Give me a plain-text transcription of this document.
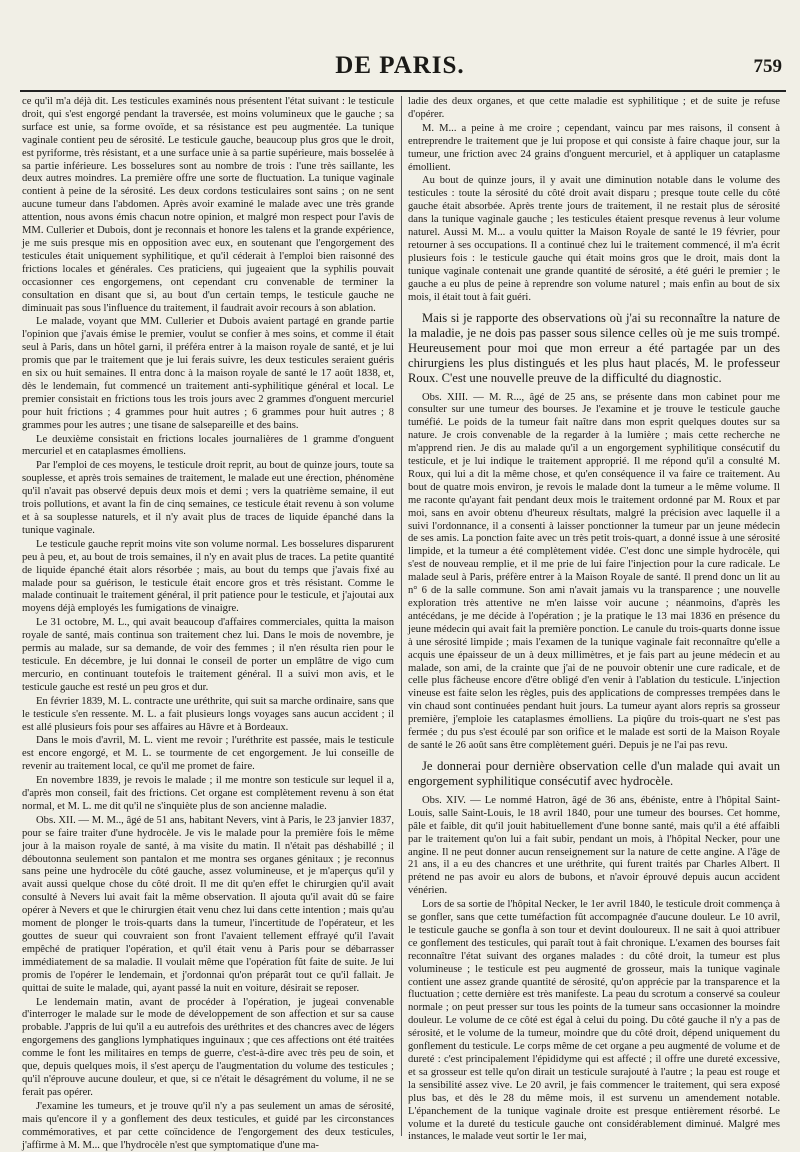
DE PARIS.	759

ce qu'il m'a déjà dit. Les testicules examinés nous présentent l'état suivant : le testicule droit, qui s'est engorgé pendant la traversée, est moins volumineux que le gauche ; sa surface est unie, sa forme ovoïde, et sa résistance est peu augmentée. La tunique vaginale contient peu de sérosité. Le testicule gauche, beaucoup plus gros que le droit, est pyriforme, très résistant, et a une surface unie à sa partie supérieure, mais bosselée à sa partie inférieure. Les bosselures sont au nombre de trois : l'une très saillante, les deux autres moindres. La première offre une sorte de fluctuation. La tunique vaginale contient à peine de la sérosité. Les deux cordons testiculaires sont sains ; on ne sent aucune tumeur dans l'abdomen. Après avoir examiné le malade avec une très grande attention, nous avons émis chacun notre opinion, et malgré mon respect pour l'avis de MM. Cullerier et Dubois, dont je reconnais et honore les talens et la grande expérience, je me suis presque mis en opposition avec eux, en soutenant que l'engorgement des testicules était uniquement syphilitique, et qu'il céderait à l'emploi bien raisonné des frictions locales et générales. Ces praticiens, qui jugeaient que la syphilis pouvait occasionner ces engorgemens, ont cependant cru convenable de terminer la consultation en disant que si, au bout d'un certain temps, le testicule gauche ne diminuait pas sous l'influence du traitement, il faudrait avoir recours à son ablation.

Le malade, voyant que MM. Cullerier et Dubois avaient partagé en grande partie l'opinion que j'avais émise le premier, voulut se confier à mes soins, et comme il était seul à Paris, dans un hôtel garni, il préféra entrer à la maison royale de santé, et je lui promis que par le traitement que je lui ferais suivre, les deux testicules seraient guéris en six ou huit semaines. Il entra donc à la maison royale de santé le 17 août 1838, et, dès le lendemain, fut commencé un traitement anti-syphilitique général et local. Le premier consistait en frictions tous les trois jours avec 2 grammes d'onguent mercuriel pour huit frictions ; 4 grammes pour huit autres ; 6 grammes pour huit autres ; 8 grammes pour les autres ; une tisane de salsepareille et des bains.

Le deuxième consistait en frictions locales journalières de 1 gramme d'onguent mercuriel et en cataplasmes émolliens.

Par l'emploi de ces moyens, le testicule droit reprit, au bout de quinze jours, toute sa souplesse, et après trois semaines de traitement, le malade eut une érection, phénomène qu'il n'avait pas observé depuis deux mois et demi ; vers la quatrième semaine, il eut trois pollutions, et avant la fin de cinq semaines, ce testicule était revenu à son volume et à sa souplesse naturels, et il n'y avait plus de traces de liquide épanché dans la tunique vaginale.

Le testicule gauche reprit moins vite son volume normal. Les bosselures disparurent peu à peu, et, au bout de trois semaines, il n'y en avait plus de traces. La petite quantité de liquide épanché était alors résorbée ; mais, au bout du temps que j'avais fixé au malade pour sa guérison, le testicule était encore gros et très résistant. Comme le malade continuait le traitement général, il prit patience pour le testicule, et j'ajoutai aux moyens déjà employés les fumigations de vinaigre.

Le 31 octobre, M. L., qui avait beaucoup d'affaires commerciales, quitta la maison royale de santé, mais continua son traitement chez lui. Dans le mois de novembre, je permis au malade, sur sa demande, de voir des femmes ; il n'en résulta rien pour le testicule. En décembre, je lui donnai le conseil de porter un emplâtre de vigo cum mercurio, en continuant toutefois le traitement général. Il a suivi mon avis, et le testicule gauche est resté un peu gros et dur.

En février 1839, M. L. contracte une uréthrite, qui suit sa marche ordinaire, sans que le testicule s'en ressente. M. L. a fait plusieurs longs voyages sans aucun accident ; il est allé plusieurs fois pour ses affaires au Hâvre et à Bordeaux.

Dans le mois d'avril, M. L. vient me revoir ; l'uréthrite est passée, mais le testicule est encore engorgé, et M. L. se tourmente de cet engorgement. Je lui conseille de revenir au traitement local, ce qu'il me promet de faire.

En novembre 1839, je revois le malade ; il me montre son testicule sur lequel il a, d'après mon conseil, fait des frictions. Cet organe est complètement revenu à son état normal, et M. L. me dit qu'il ne s'inquiète plus de son ancienne maladie.

Obs. XII. — M. M.., âgé de 51 ans, habitant Nevers, vint à Paris, le 23 janvier 1837, pour se faire traiter d'une hydrocèle. Je vis le malade pour la première fois le même jour à la maison royale de santé, à ma visite du matin. Il n'était pas déshabillé ; il déboutonna seulement son pantalon et me montra ses organes génitaux ; je reconnus sans peine une hydrocèle du côté gauche, assez volumineuse, et je m'aperçus qu'il y avait aussi quelque chose du côté droit. Il me dit qu'en effet le chirurgien qu'il avait consulté à Nevers lui avait fait la même observation. Il ajouta qu'il avait dû se faire opérer à Nevers et que le chirurgien était venu chez lui dans cette intention ; mais qu'au moment de plonger le trois-quarts dans la tumeur, l'incertitude de l'opérateur, et les gouttes de sueur qui couvraient son front l'avaient tellement effrayé qu'il l'avait empêché de pratiquer l'opération, et qu'il était venu à Paris pour se débarrasser immédiatement de sa maladie. Il voulait même que l'opération fût faite de suite. Je lui promis de l'opérer le lendemain, et j'ordonnai qu'on préparât tout ce qu'il fallait. Je quittai de suite le malade, qui, ayant passé la nuit en voiture, désirait se reposer.

Le lendemain matin, avant de procéder à l'opération, je jugeai convenable d'interroger le malade sur le mode de développement de son affection et sur sa cause probable. J'appris de lui qu'il a eu autrefois des uréthrites et des chancres avec de légers engorgemens des ganglions lymphatiques inguinaux ; que ces affections ont été traitées comme le font les militaires en temps de guerre, c'est-à-dire avec très peu de soin, et que, depuis quelques mois, il s'est aperçu de l'augmentation du volume des testicules ; qu'il n'éprouve aucune douleur, et que, si ce n'était le désagrément du volume, il ne se ferait pas opérer.

J'examine les tumeurs, et je trouve qu'il n'y a pas seulement un amas de sérosité, mais qu'encore il y a gonflement des deux testicules, et guidé par les circonstances commémoratives, et par cette coïncidence de l'engorgement des deux testicules, j'affirme à M. M... que l'hydrocèle n'est que symptomatique d'une ma-

ladie des deux organes, et que cette maladie est syphilitique ; et de suite je refuse d'opérer.

M. M... a peine à me croire ; cependant, vaincu par mes raisons, il consent à entreprendre le traitement que je lui propose et qui consiste à faire chaque jour, sur la tumeur, une friction avec 24 grains d'onguent mercuriel, et à appliquer un cataplasme émollient.

Au bout de quinze jours, il y avait une diminution notable dans le volume des testicules : toute la sérosité du côté droit avait disparu ; presque toute celle du côté gauche était absorbée. Après trente jours de traitement, il ne restait plus de sérosité dans la tunique vaginale gauche ; les testicules étaient presque revenus à leur volume naturel. Aussi M. M... a voulu quitter la Maison Royale de santé le 19 février, pour retourner à ses occupations. Il a continué chez lui le traitement commencé, il m'a écrit plusieurs fois : le testicule gauche qui était moins gros que le droit, mais dont la tunique vaginale contenait une grande quantité de sérosité, a été guéri le premier ; le gauche a eu plus de peine à reprendre son volume naturel ; mais enfin au bout de six mois, il était tout à fait guéri.

Mais si je rapporte des observations où j'ai su reconnaître la nature de la maladie, je ne dois pas passer sous silence celles où je me suis trompé. Heureusement pour moi que mon erreur a été partagée par un des chirurgiens les plus distingués et les plus haut placés, M. le professeur Roux. C'est une nouvelle preuve de la difficulté du diagnostic.

Obs. XIII. — M. R..., âgé de 25 ans, se présente dans mon cabinet pour me consulter sur une tumeur des bourses. Je l'examine et je trouve le testicule gauche tuméfié. Le poids de la tumeur fait naître dans mon esprit quelques doutes sur sa nature. Je crois convenable de la regarder à la lumière ; mais cette recherche ne m'apprend rien. Je dis au malade qu'il a un engorgement syphilitique consécutif du testicule, et je lui indique le traitement approprié. Il me répond qu'il a consulté M. Roux, qui lui a dit la même chose, et qu'en conséquence il va faire ce traitement. Au bout de quatre mois environ, je revois le malade dont la tumeur a le même volume. Il me raconte qu'ayant fait pendant deux mois le traitement ordonné par M. Roux et par moi, sans en avoir obtenu d'heureux résultats, malgré la précision avec laquelle il a suivi l'ordonnance, il a consenti à laisser ponctionner la tumeur par un jeune médecin de ses amis. La ponction faite avec un très petit trois-quart, a donné issue à une sérosité limpide, et la tumeur a été complètement vidée. C'est donc une simple hydrocèle, qui s'est de nouveau remplie, et il me prie de lui faire l'injection pour la cure radicale. Le malade seul à Paris, préfère entrer à la Maison Royale de santé. Il prend donc un lit au n° 6 de la salle commune. Son ami n'avait jamais vu la transparence ; une nouvelle exploration très attentive ne m'en laisse voir aucune ; néanmoins, d'après les antécédans, je me décide à l'opération ; je la pratique le 13 mai 1836 en présence du jeune médecin qui avait fait la première ponction. Le canule du trois-quarts donne issue à une sérosité limpide ; mais l'examen de la tunique vaginale fait reconnaître qu'elle a acquis une épaisseur de un à deux millimètres, et je fais part au jeune médecin et au malade, son ami, de la crainte que j'ai de ne pouvoir obtenir une cure radicale, et de celle plus fâcheuse encore d'être obligé d'en venir à l'ablation du testicule. L'injection vineuse est faite selon les règles, puis des applications de compresses trempées dans le vin chaud sont continuées pendant huit jours. La tumeur ayant alors repris sa grosseur première, j'emploie les cataplasmes émolliens. La piqûre du trois-quart ne s'est pas fermée ; du pus s'est écoulé par son orifice et le malade est sorti de la Maison Royale de santé le 26 août sans être complètement guéri. Depuis je ne l'ai pas revu.

Je donnerai pour dernière observation celle d'un malade qui avait un engorgement syphilitique consécutif avec hydrocèle.

Obs. XIV. — Le nommé Hatron, âgé de 36 ans, ébéniste, entre à l'hôpital Saint-Louis, salle Saint-Louis, le 18 avril 1840, pour une tumeur des bourses. Cet homme, pâle et faible, dit qu'il jouit habituellement d'une bonne santé, mais qu'il a été affaibli par le traitement qu'on lui a fait subir, pendant un mois, à l'hôpital Necker, pour une angine. Il ne peut donner aucun renseignement sur la nature de cette angine. A l'âge de 21 ans, il a eu des chancres et une uréthrite, qui furent traités par Charles Albert. Il prétend ne pas avoir eu alors de bubons, et n'avoir éprouvé depuis aucun accident vénérien.

Lors de sa sortie de l'hôpital Necker, le 1er avril 1840, le testicule droit commença à se gonfler, sans que cette tuméfaction fût accompagnée d'aucune douleur. Le 10 avril, le testicule gauche se gonfla à son tour et devint douloureux. Il ne sait à quoi attribuer ce gonflement des testicules, qui paraît tout à fait chronique. L'examen des bourses fait reconnaître l'état suivant des organes malades : du côté droit, la tumeur est plus volumineuse ; le testicule est peu augmenté de grosseur, mais la tunique vaginale contient une assez grande quantité de sérosité, qu'on apprécie par la transparence et la fluctuation ; cette dernière est très manifeste. La peau du scrotum a conservé sa couleur normale ; on peut presser sur tous les points de la tumeur sans occasionner la moindre douleur. Le volume de ce côté est égal à celui du poing. Du côté gauche il n'y a pas de sérosité, et le volume de la tumeur, moindre que du côté droit, dépend uniquement du gonflement du testicule. Le corps même de cet organe a peu augmenté de volume et de dureté : c'est principalement l'épididyme qui est affecté ; il offre une dureté excessive, et sa grosseur est telle qu'on dirait un testicule surajouté à l'autre ; la peau est rouge et la sensibilité assez vive. Le 20 avril, je fais commencer le traitement, qui sera exposé plus bas, et dès le 28 du même mois, il est survenu un amendement notable. L'épanchement de la tunique vaginale droite est presque entièrement résorbé. Le volume et la dureté du testicule gauche ont considérablement diminué. Malgré mes instances, le malade veut sortir le 1er mai,
